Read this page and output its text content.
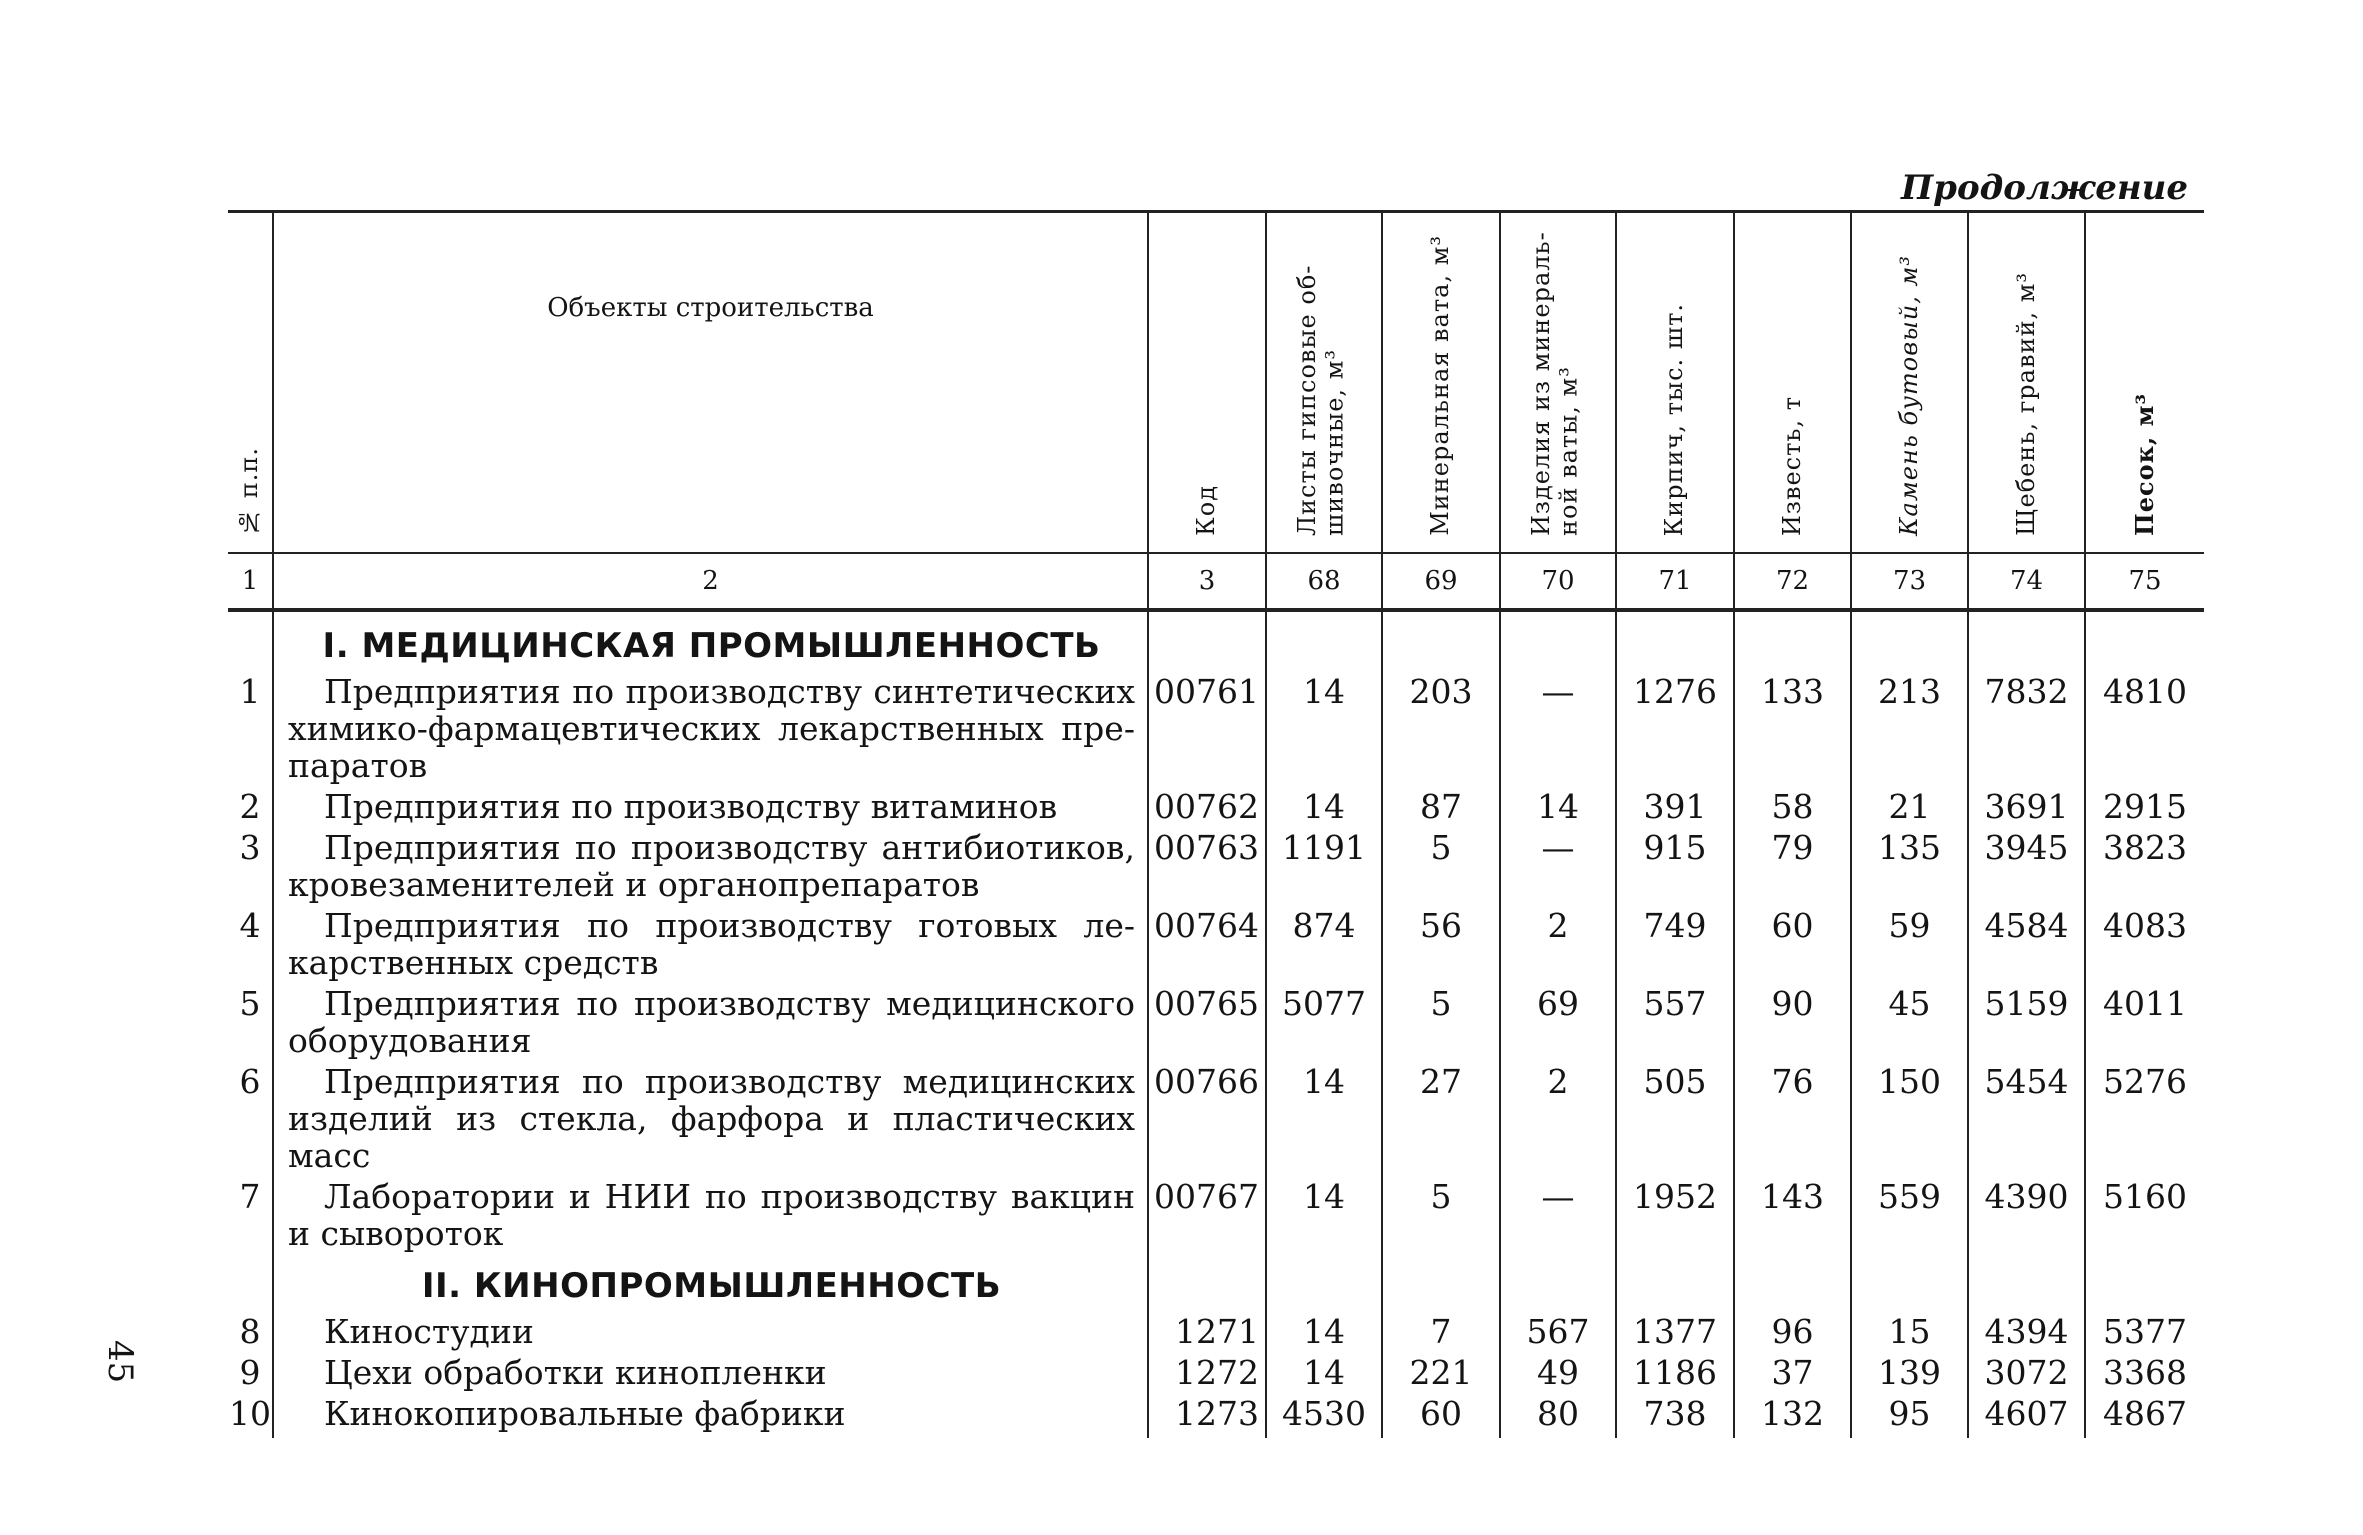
Продолжение
45
№ п.п.	Объекты строительства	Код	Листы гипсовые об- шивочные, м³	Минеральная вата, м³	Изделия из минераль- ной ваты, м³	Кирпич, тыс. шт.	Известь, т	Камень бутовый, м³	Щебень, гравий, м³	Песок, м³
1	2	3	68	69	70	71	72	73	74	75
	I. МЕДИЦИНСКАЯ ПРОМЫШЛЕННОСТЬ									
1	Предприятия по производству синтетических химико-фармацевтических лекарственных пре- паратов	00761	14	203	—	1276	133	213	7832	4810
2	Предприятия по производству витаминов	00762	14	87	14	391	58	21	3691	2915
3	Предприятия по производству антибиотиков, кровезаменителей и органопрепаратов	00763	1191	5	—	915	79	135	3945	3823
4	Предприятия по производству готовых ле- карственных средств	00764	874	56	2	749	60	59	4584	4083
5	Предприятия по производству медицинского оборудования	00765	5077	5	69	557	90	45	5159	4011
6	Предприятия по производству медицинских изделий из стекла, фарфора и пластических масс	00766	14	27	2	505	76	150	5454	5276
7	Лаборатории и НИИ по производству вакцин и сывороток	00767	14	5	—	1952	143	559	4390	5160
	II. КИНОПРОМЫШЛЕННОСТЬ									
8	Киностудии	1271	14	7	567	1377	96	15	4394	5377
9	Цехи обработки кинопленки	1272	14	221	49	1186	37	139	3072	3368
10	Кинокопировальные фабрики	1273	4530	60	80	738	132	95	4607	4867
